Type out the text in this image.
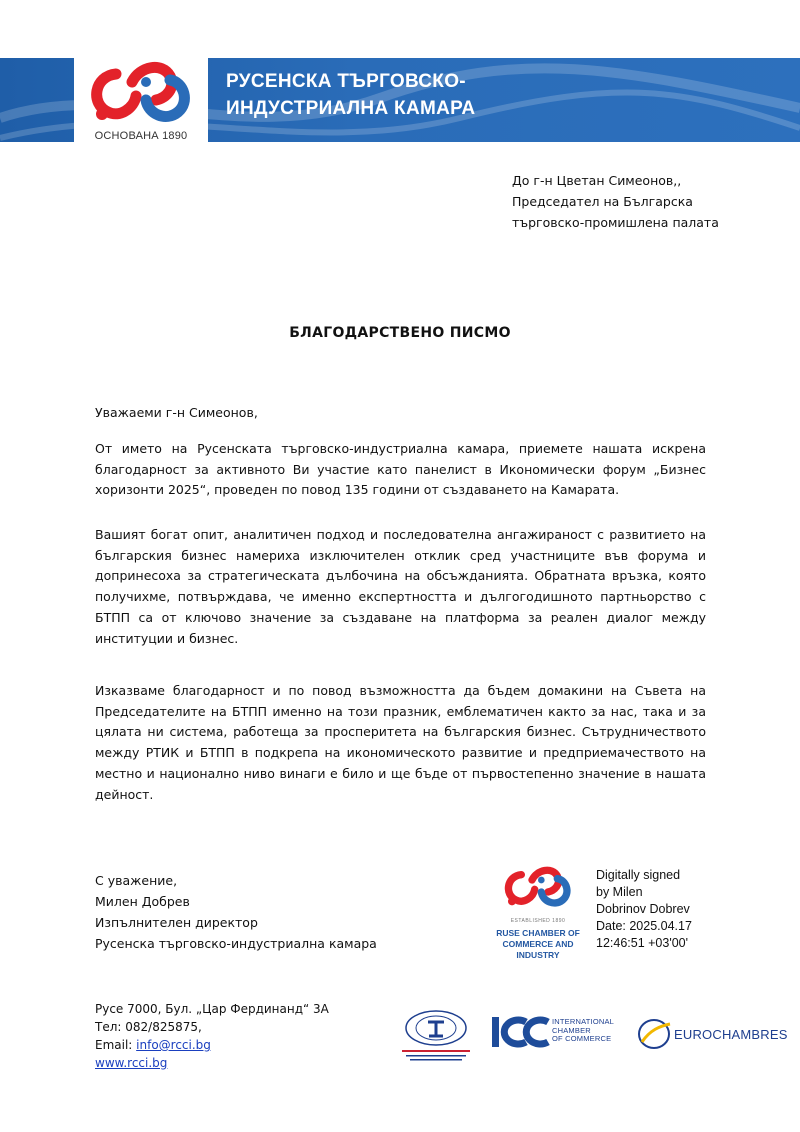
ОСНОВАНА 1890
РУСЕНСКА ТЪРГОВСКО-
ИНДУСТРИАЛНА КАМАРА
До г-н Цветан Симеонов,,
Председател на Българска
търговско-промишлена палата
БЛАГОДАРСТВЕНО ПИСМО
Уважаеми г-н Симеонов,
От името на Русенската търговско-индустриална камара, приемете нашата искрена благодарност за активното Ви участие като панелист в Икономически форум „Бизнес хоризонти 2025“, проведен по повод 135 години от създаването на Камарата.
Вашият богат опит, аналитичен подход и последователна ангажираност с развитието на българския бизнес намериха изключителен отклик сред участниците във форума и допринесоха за стратегическата дълбочина на обсъжданията. Обратната връзка, която получихме, потвърждава, че именно експертността и дългогодишното партньорство с БТПП са от ключово значение за създаване на платформа за реален диалог между институции и бизнес.
Изказваме благодарност и по повод възможността да бъдем домакини на Съвета на Председателите на БТПП именно на този празник, емблематичен както за нас, така и за цялата ни система, работеща за просперитета на българския бизнес. Сътрудничеството между РТИК и БТПП в подкрепа на икономическото развитие и предприемачеството на местно и национално ниво винаги е било и ще бъде от първостепенно значение в нашата дейност.
С уважение,
Милен Добрев
Изпълнителен директор
Русенска търговско-индустриална камара
ESTABLISHED 1890
RUSE CHAMBER OF
COMMERCE AND INDUSTRY
Digitally signed
by Milen
Dobrinov Dobrev
Date: 2025.04.17
12:46:51 +03'00'
Русе 7000, Бул. „Цар Фердинанд“ 3А
Тел: 082/825875,
Email: info@rcci.bg
www.rcci.bg
INTERNATIONAL
CHAMBER
OF COMMERCE	EUROCHAMBRES
